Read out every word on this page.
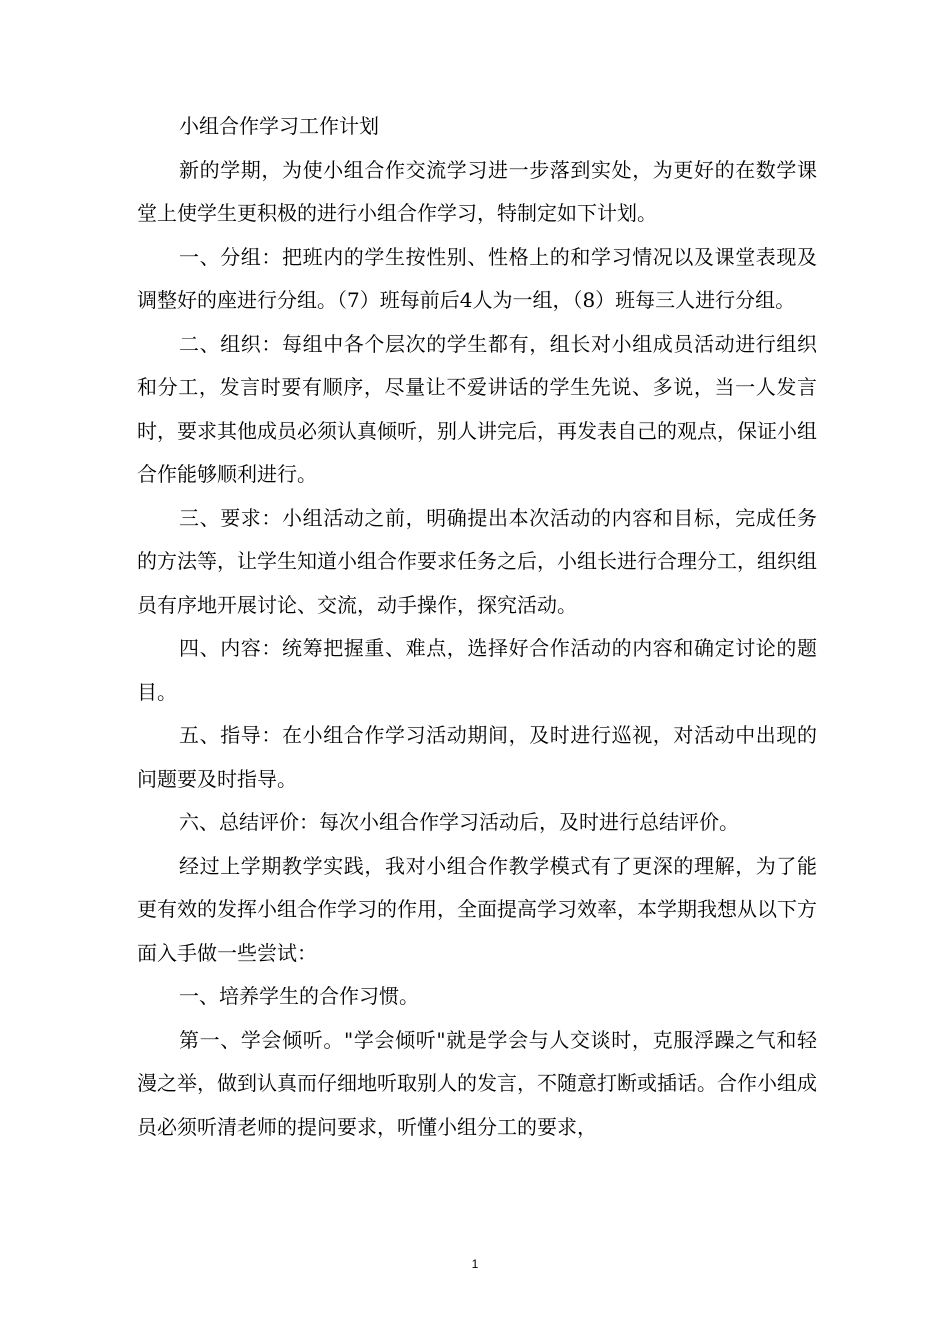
小组合作学习工作计划

新的学期，为使小组合作交流学习进一步落到实处，为更好的在数学课堂上使学生更积极的进行小组合作学习，特制定如下计划。

一、分组：把班内的学生按性别、性格上的和学习情况以及课堂表现及调整好的座进行分组。（7）班每前后4人为一组，（8）班每三人进行分组。

二、组织：每组中各个层次的学生都有，组长对小组成员活动进行组织和分工，发言时要有顺序，尽量让不爱讲话的学生先说、多说，当一人发言时，要求其他成员必须认真倾听，别人讲完后，再发表自己的观点，保证小组合作能够顺利进行。

三、要求：小组活动之前，明确提出本次活动的内容和目标，完成任务的方法等，让学生知道小组合作要求任务之后，小组长进行合理分工，组织组员有序地开展讨论、交流，动手操作，探究活动。

四、内容：统筹把握重、难点，选择好合作活动的内容和确定讨论的题目。

五、指导：在小组合作学习活动期间，及时进行巡视，对活动中出现的问题要及时指导。

六、总结评价：每次小组合作学习活动后，及时进行总结评价。

经过上学期教学实践，我对小组合作教学模式有了更深的理解，为了能更有效的发挥小组合作学习的作用，全面提高学习效率，本学期我想从以下方面入手做一些尝试：

一、培养学生的合作习惯。

第一、学会倾听。"学会倾听"就是学会与人交谈时，克服浮躁之气和轻漫之举，做到认真而仔细地听取别人的发言，不随意打断或插话。合作小组成员必须听清老师的提问要求，听懂小组分工的要求，

1
